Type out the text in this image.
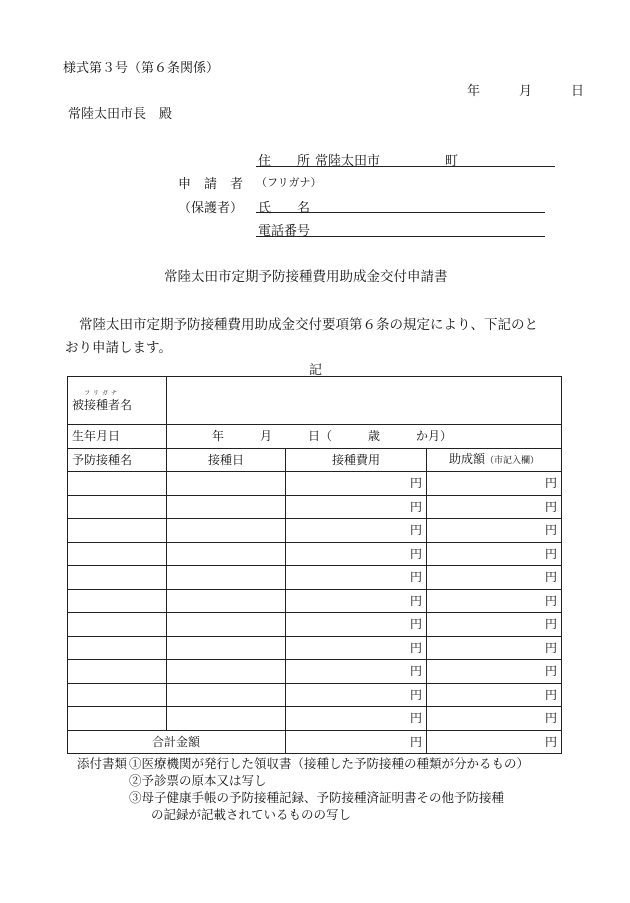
様式第３号（第６条関係）
年　　　月　　　日
常陸太田市長　殿
住　　所 常陸太田市	町
申　請　者 （フリガナ）
（保護者） 氏　　名
電話番号
常陸太田市定期予防接種費用助成金交付申請書
常陸太田市定期予防接種費用助成金交付要項第６条の規定により、下記のと
おり申請します。
記
フリガナ
被接種者名			
生年月日	年　　　月　　　日（　　　歳　　　か月）		
予防接種名	接種日	接種費用	助成額（市記入欄）
		円	円
		円	円
		円	円
		円	円
		円	円
		円	円
		円	円
		円	円
		円	円
		円	円
		円	円
合計金額		円	円
添付書類 ①医療機関が発行した領収書（接種した予防接種の種類が分かるもの）
②予診票の原本又は写し
③母子健康手帳の予防接種記録、予防接種済証明書その他予防接種
の記録が記載されているものの写し
